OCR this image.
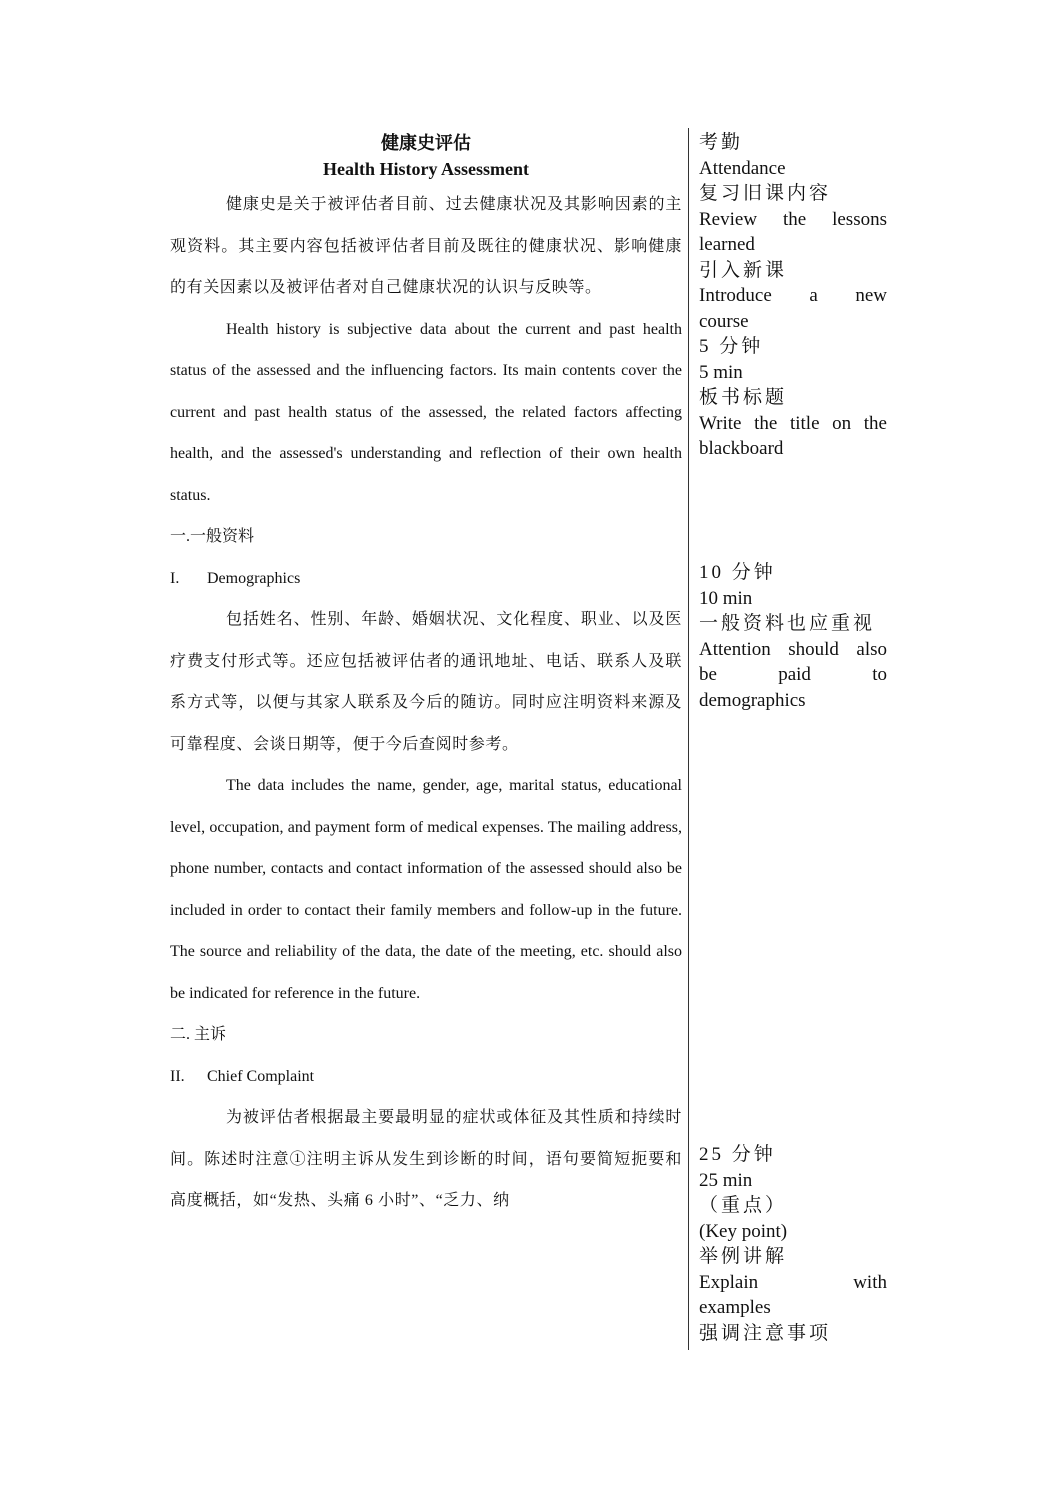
健康史评估
Health History Assessment

健康史是关于被评估者目前、过去健康状况及其影响因素的主观资料。其主要内容包括被评估者目前及既往的健康状况、影响健康的有关因素以及被评估者对自己健康状况的认识与反映等。

Health history is subjective data about the current and past health status of the assessed and the influencing factors. Its main contents cover the current and past health status of the assessed, the related factors affecting health, and the assessed's understanding and reflection of their own health status.

一.一般资料

I. Demographics

包括姓名、性别、年龄、婚姻状况、文化程度、职业、以及医疗费支付形式等。还应包括被评估者的通讯地址、电话、联系人及联系方式等，以便与其家人联系及今后的随访。同时应注明资料来源及可靠程度、会谈日期等，便于今后查阅时参考。

The data includes the name, gender, age, marital status, educational level, occupation, and payment form of medical expenses. The mailing address, phone number, contacts and contact information of the assessed should also be included in order to contact their family members and follow-up in the future. The source and reliability of the data, the date of the meeting, etc. should also be indicated for reference in the future.

二. 主诉

II. Chief Complaint

为被评估者根据最主要最明显的症状或体征及其性质和持续时间。陈述时注意①注明主诉从发生到诊断的时间，语句要简短扼要和高度概括，如“发热、头痛 6 小时”、“乏力、纳

考勤

Attendance

复习旧课内容

Review the lessons

learned

引入新课

Introduce a new

course

5 分钟

5 min

板书标题

Write the title on the

blackboard

10 分钟

10 min

一般资料也应重视

Attention should also

be paid to

demographics

25 分钟

25 min

（重点）

(Key point)

举例讲解

Explain with

examples

强调注意事项
